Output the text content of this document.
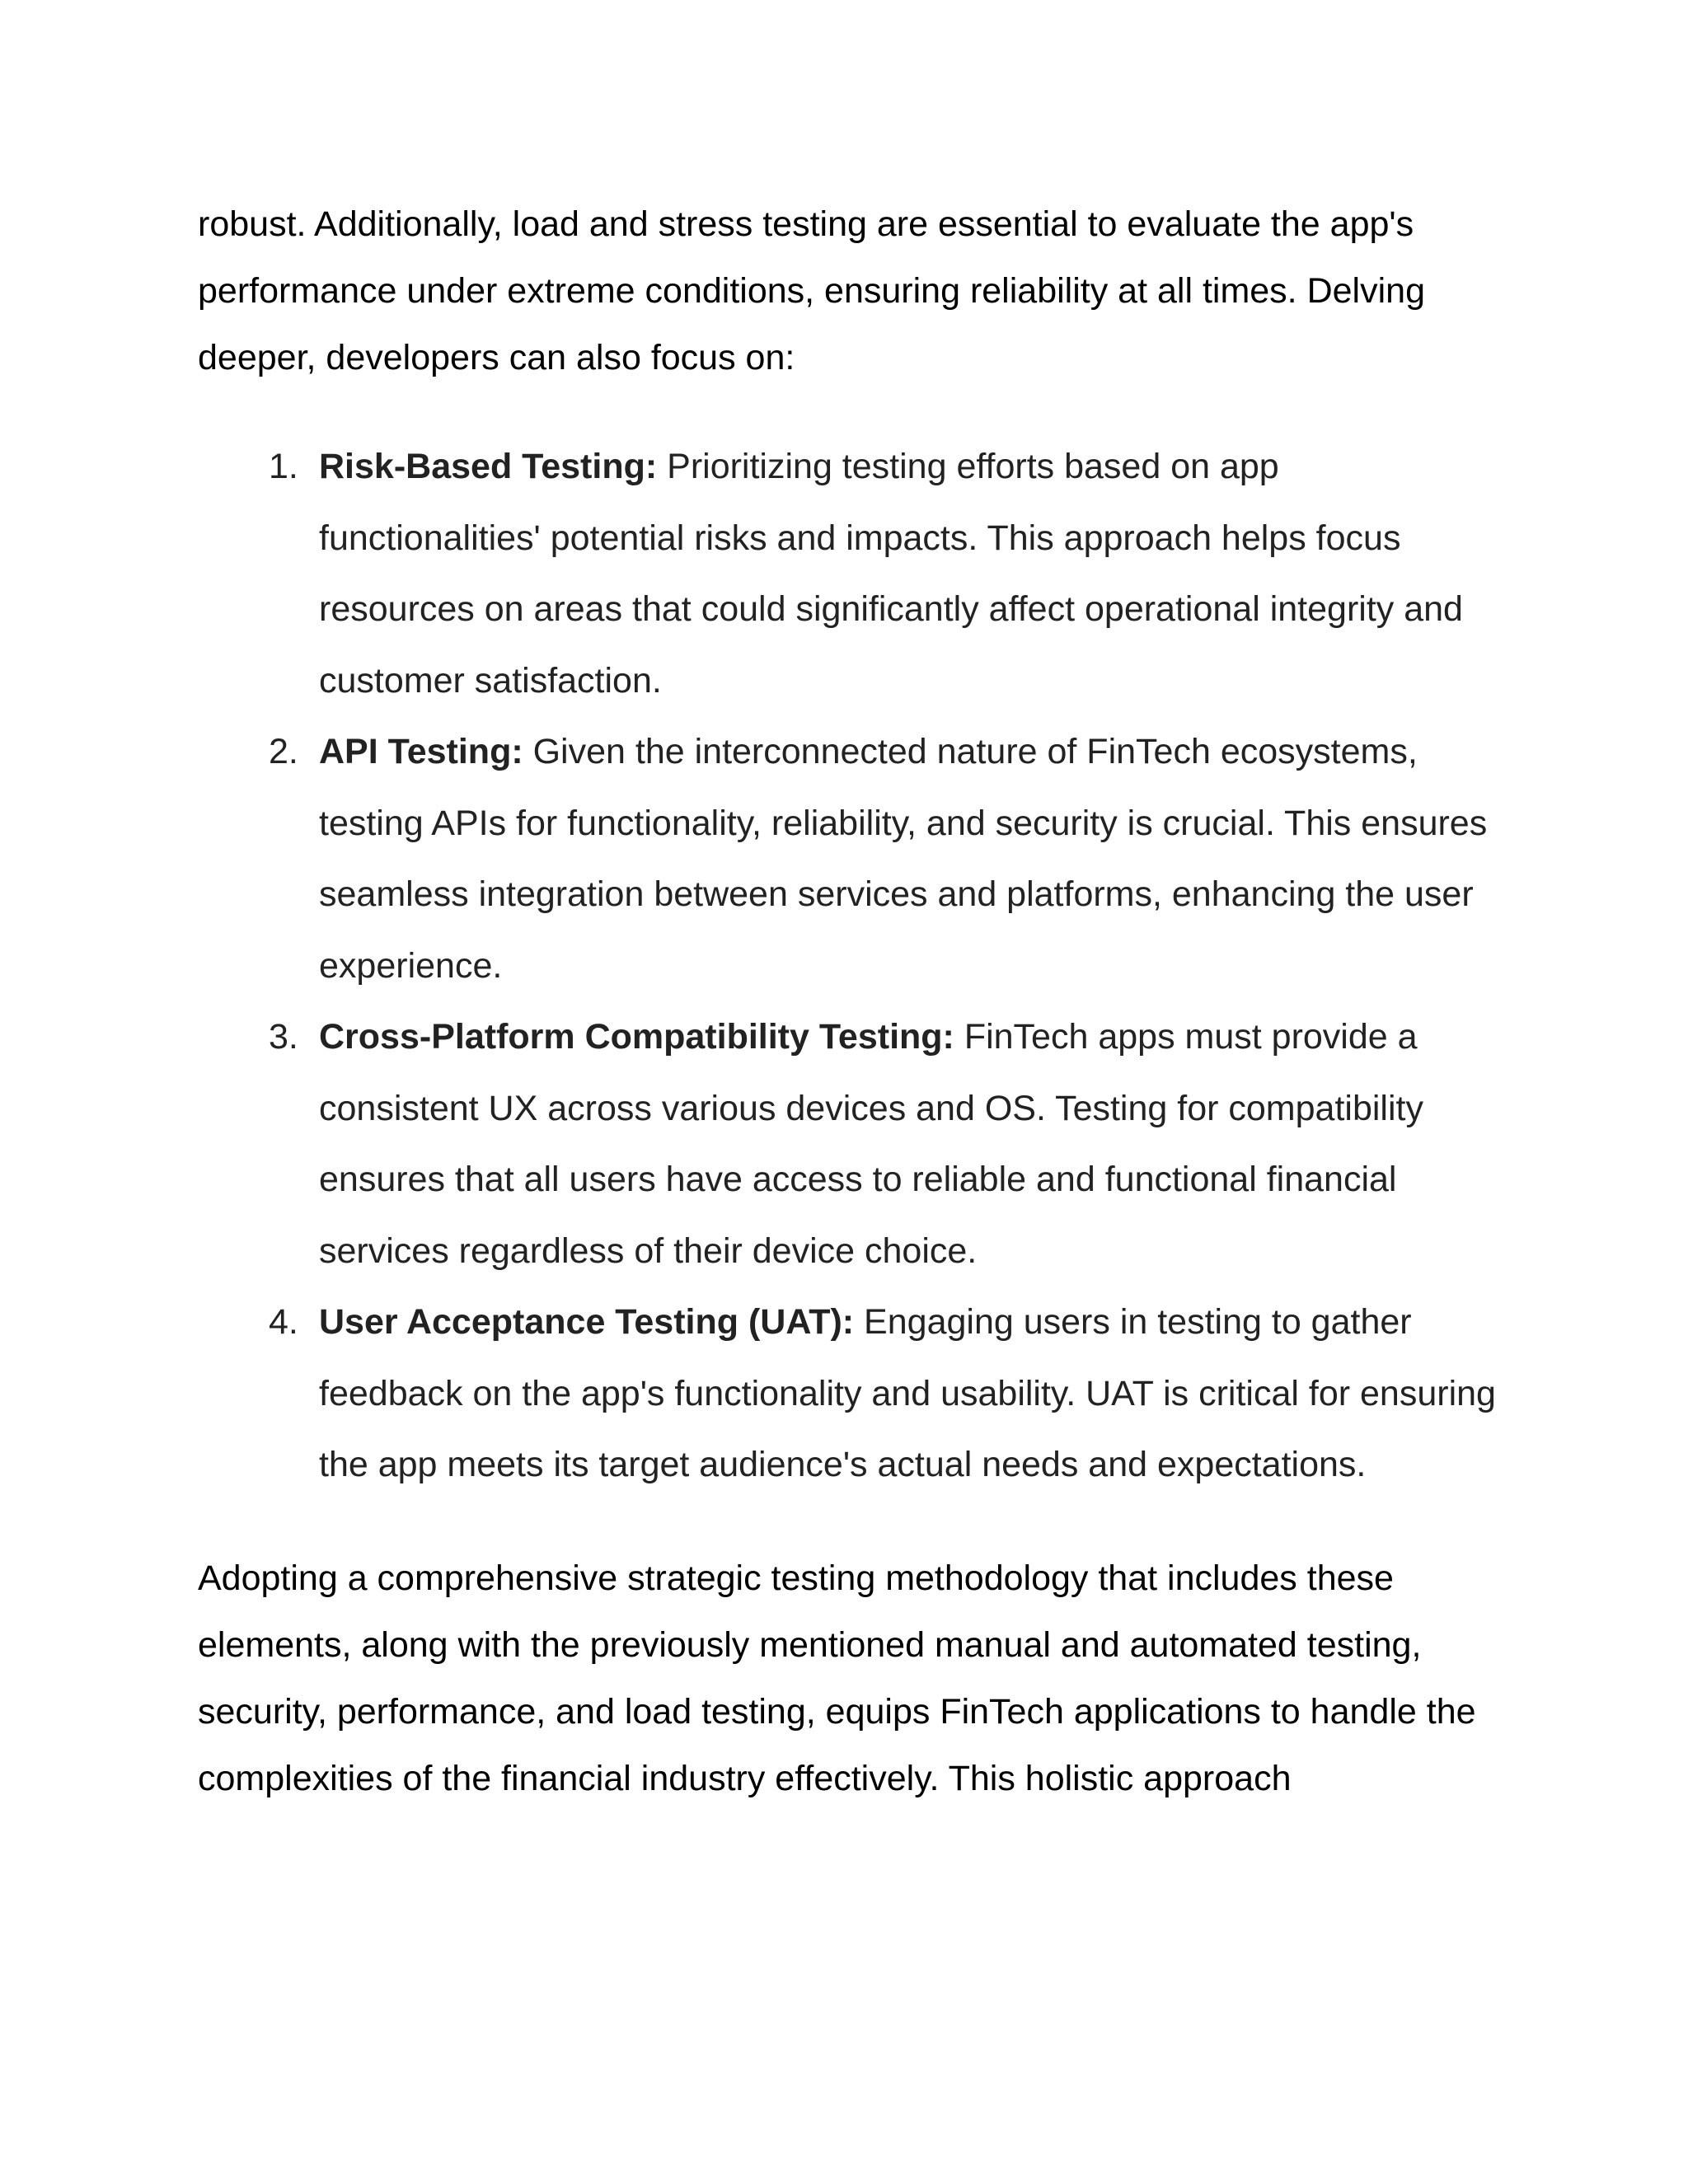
robust. Additionally, load and stress testing are essential to evaluate the app's performance under extreme conditions, ensuring reliability at all times. Delving deeper, developers can also focus on:

1. Risk-Based Testing: Prioritizing testing efforts based on app functionalities' potential risks and impacts. This approach helps focus resources on areas that could significantly affect operational integrity and customer satisfaction.
2. API Testing: Given the interconnected nature of FinTech ecosystems, testing APIs for functionality, reliability, and security is crucial. This ensures seamless integration between services and platforms, enhancing the user experience.
3. Cross-Platform Compatibility Testing: FinTech apps must provide a consistent UX across various devices and OS. Testing for compatibility ensures that all users have access to reliable and functional financial services regardless of their device choice.
4. User Acceptance Testing (UAT): Engaging users in testing to gather feedback on the app's functionality and usability. UAT is critical for ensuring the app meets its target audience's actual needs and expectations.

Adopting a comprehensive strategic testing methodology that includes these elements, along with the previously mentioned manual and automated testing, security, performance, and load testing, equips FinTech applications to handle the complexities of the financial industry effectively. This holistic approach
